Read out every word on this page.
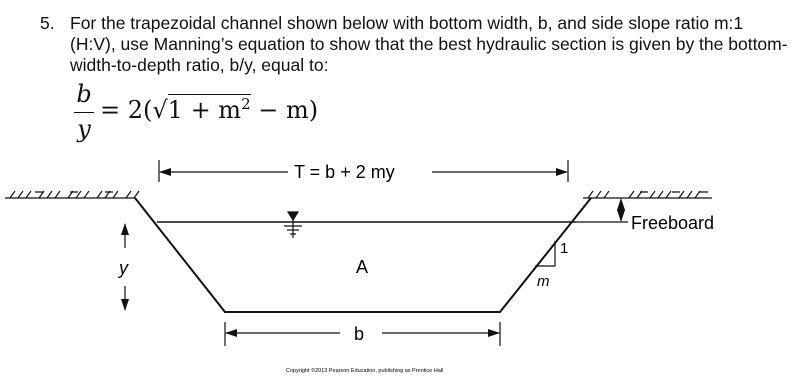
5. For the trapezoidal channel shown below with bottom width, b, and side slope ratio m:1 (H:V), use Manning’s equation to show that the best hydraulic section is given by the bottom-width-to-depth ratio, b/y, equal to:
b
y
= $2(√1 + m^2 - m)$
T = b + 2 my
A
y
b
1
m
Freeboard
Copyright ©2013 Pearson Education, publishing as Prentice Hall
